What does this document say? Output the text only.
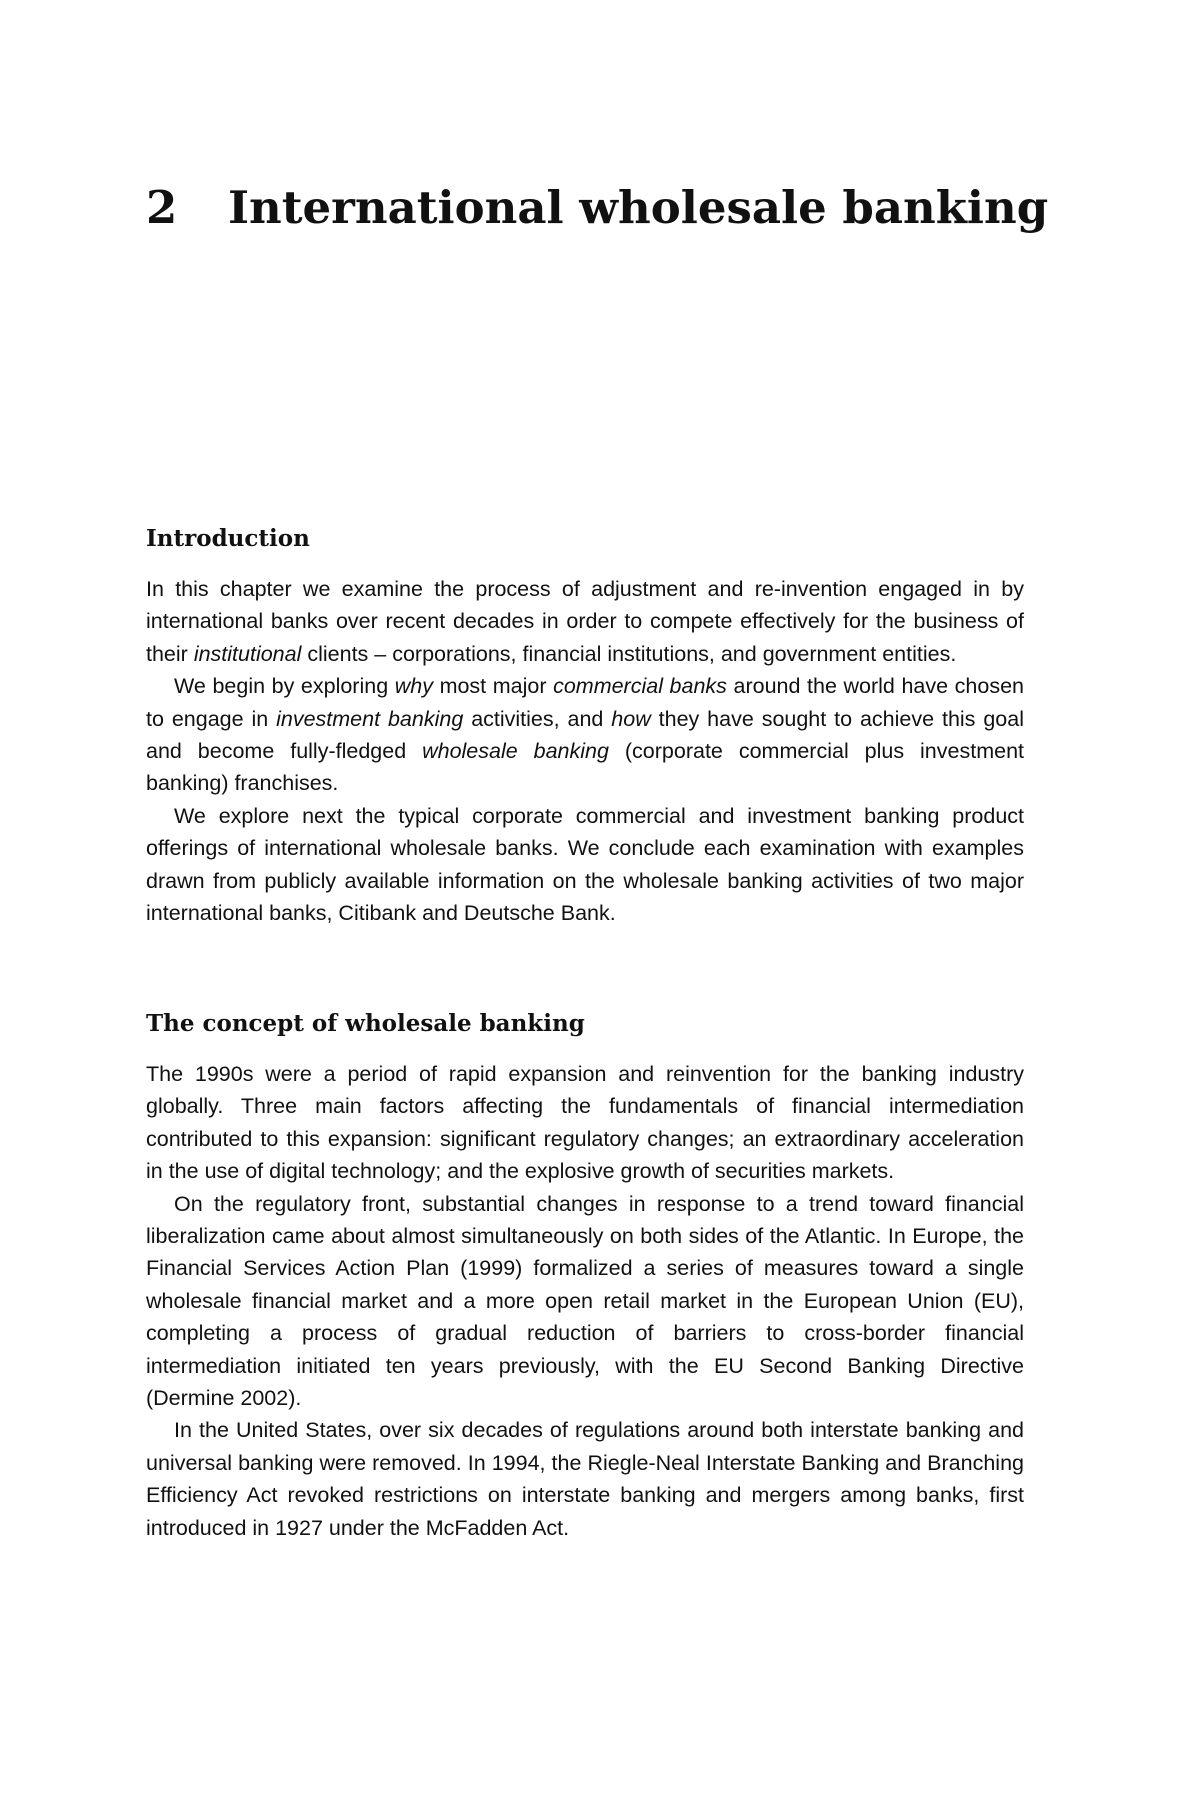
2 International wholesale banking
Introduction

In this chapter we examine the process of adjustment and re-invention engaged in by international banks over recent decades in order to compete effectively for the business of their institutional clients – corporations, financial institutions, and government entities.

We begin by exploring why most major commercial banks around the world have chosen to engage in investment banking activities, and how they have sought to achieve this goal and become fully-fledged wholesale banking (corporate commercial plus investment banking) franchises.

We explore next the typical corporate commercial and investment banking product offerings of international wholesale banks. We conclude each examination with examples drawn from publicly available information on the wholesale banking activities of two major international banks, Citibank and Deutsche Bank.

The concept of wholesale banking

The 1990s were a period of rapid expansion and reinvention for the banking industry globally. Three main factors affecting the fundamentals of financial intermediation contributed to this expansion: significant regulatory changes; an extraordinary acceleration in the use of digital technology; and the explosive growth of securities markets.

On the regulatory front, substantial changes in response to a trend toward financial liberalization came about almost simultaneously on both sides of the Atlantic. In Europe, the Financial Services Action Plan (1999) formalized a series of measures toward a single wholesale financial market and a more open retail market in the European Union (EU), completing a process of gradual reduction of barriers to cross-border financial intermediation initiated ten years previously, with the EU Second Banking Directive (Dermine 2002).

In the United States, over six decades of regulations around both interstate banking and universal banking were removed. In 1994, the Riegle-Neal Interstate Banking and Branching Efficiency Act revoked restrictions on interstate banking and mergers among banks, first introduced in 1927 under the McFadden Act.
